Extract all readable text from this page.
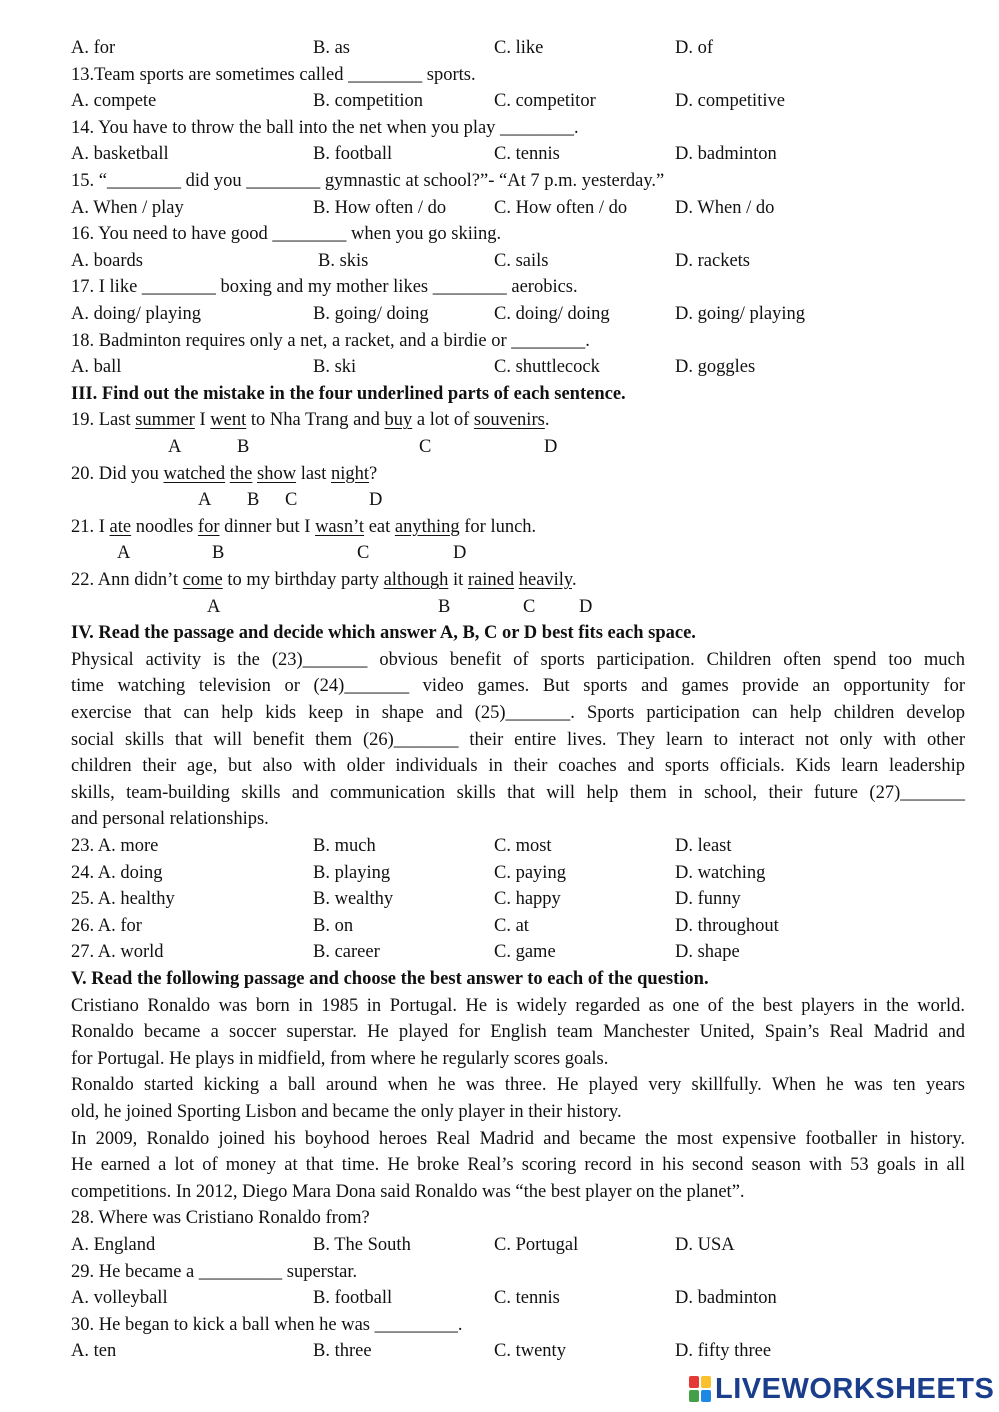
A. for	B. as	C. like	D. of
13.Team sports are sometimes called ________ sports.
A. compete	B. competition	C. competitor	D. competitive
14. You have to throw the ball into the net when you play ________.
A. basketball	B. football	C. tennis	D. badminton
15. “________ did you ________ gymnastic at school?”- “At 7 p.m. yesterday.”
A. When / play	B. How often / do	C. How often / do	D. When / do
16. You need to have good ________ when you go skiing.
A. boards	B. skis	C. sails	D. rackets
17. I like ________ boxing and my mother likes ________ aerobics.
A. doing/ playing	B. going/ doing	C. doing/ doing	D. going/ playing
18. Badminton requires only a net, a racket, and a birdie or ________.
A. ball	B. ski	C. shuttlecock	D. goggles
III. Find out the mistake in the four underlined parts of each sentence.
19. Last summer I went to Nha Trang and buy a lot of souvenirs.
A	B	C	D
20. Did you watched the show last night?
A B C	D
21. I ate noodles for dinner but I wasn’t eat anything for lunch.
A	B	C	D
22. Ann didn’t come to my birthday party although it rained heavily.
A	B	C D
IV. Read the passage and decide which answer A, B, C or D best fits each space.
Physical activity is the (23)_______ obvious benefit of sports participation. Children often spend too much
time watching television or (24)_______ video games. But sports and games provide an opportunity for
exercise that can help kids keep in shape and (25)_______. Sports participation can help children develop
social skills that will benefit them (26)_______ their entire lives. They learn to interact not only with other
children their age, but also with older individuals in their coaches and sports officials. Kids learn leadership
skills, team-building skills and communication skills that will help them in school, their future (27)_______
and personal relationships.
23. A. more	B. much	C. most	D. least
24. A. doing	B. playing	C. paying	D. watching
25. A. healthy	B. wealthy	C. happy	D. funny
26. A. for	B. on	C. at	D. throughout
27. A. world	B. career	C. game	D. shape
V. Read the following passage and choose the best answer to each of the question.
Cristiano Ronaldo was born in 1985 in Portugal. He is widely regarded as one of the best players in the world.
Ronaldo became a soccer superstar. He played for English team Manchester United, Spain’s Real Madrid and
for Portugal. He plays in midfield, from where he regularly scores goals.
Ronaldo started kicking a ball around when he was three. He played very skillfully. When he was ten years
old, he joined Sporting Lisbon and became the only player in their history.
In 2009, Ronaldo joined his boyhood heroes Real Madrid and became the most expensive footballer in history.
He earned a lot of money at that time. He broke Real’s scoring record in his second season with 53 goals in all
competitions. In 2012, Diego Mara Dona said Ronaldo was “the best player on the planet”.
28. Where was Cristiano Ronaldo from?
A. England	B. The South	C. Portugal	D. USA
29. He became a _________ superstar.
A. volleyball	B. football	C. tennis	D. badminton
30. He began to kick a ball when he was _________.
A. ten	B. three	C. twenty	D. fifty three
LIVEWORKSHEETS
